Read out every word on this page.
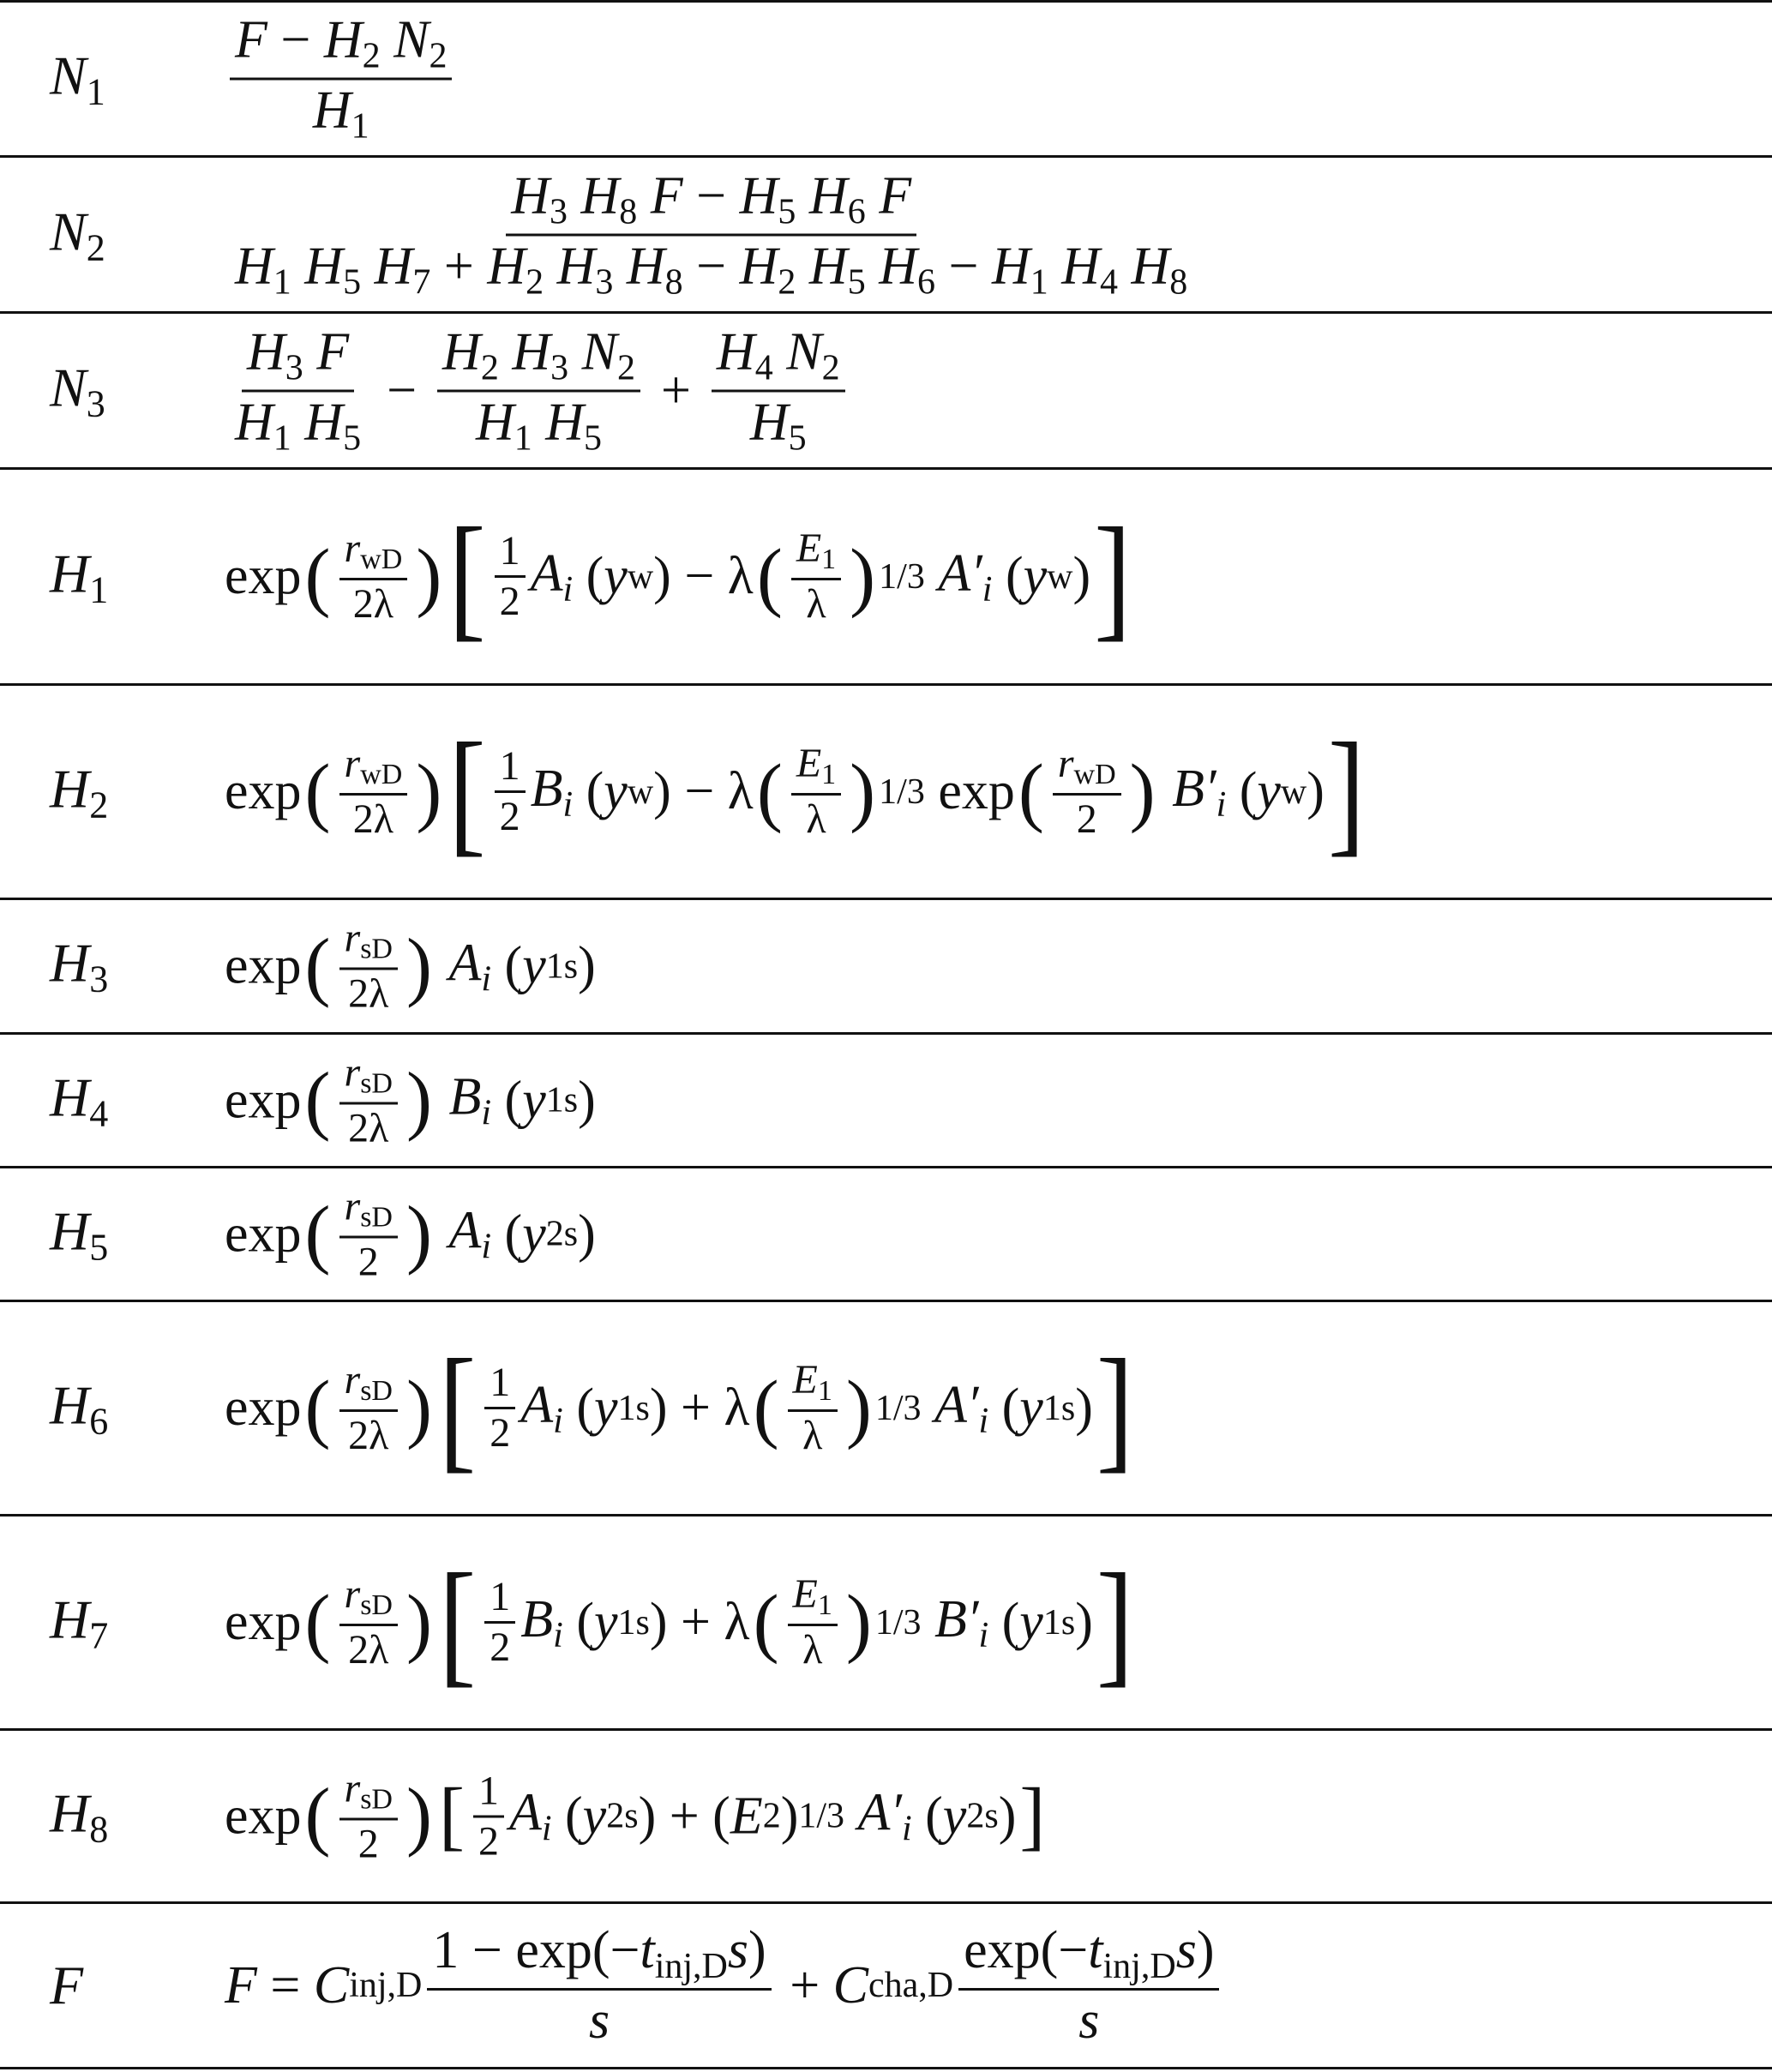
$N_1 \frac{F - H_2 N_2}{H_1}$
$N_2 \frac{H_3 H_8 F - H_5 H_6 F}{H_1 H_5 H_7 + H_2 H_3 H_8 - H_2 H_5 H_6 - H_1 H_4 H_8}$
$N_3 \frac{H_3 F}{H_1 H_5} - \frac{H_2 H_3 N_2}{H_1 H_5} + \frac{H_4 N_2}{H_5}$
$H_1$ exp ( $\frac{r_{wD}}{2\lambda}$ ) [ $\frac{1}{2} A_i$ ( y w ) − λ ( $\frac{E_1}{\lambda}$ ) 1/3
$A'_i$ ( y w ) ]
$H_2$ exp ( $\frac{r_{wD}}{2\lambda}$ ) [ $\frac{1}{2} B_i$ ( y w ) − λ ( $\frac{E_1}{\lambda}$ ) 1/3 exp ( $\frac{r_{wD}}{2}$ )
$B'_i$ ( y w ) ]
$H_3$ exp ( $\frac{r_{sD}}{2\lambda}$ )
$A_i$ ( y 1s )
$H_4$ exp ( $\frac{r_{sD}}{2\lambda}$ )
$B_i$ ( y 1s )
$H_5$ exp ( $\frac{r_{sD}}{2}$ )
$A_i$ ( y 2s )
$H_6$ exp ( $\frac{r_{sD}}{2\lambda}$ ) [ $\frac{1}{2} A_i$ ( y 1s ) + λ ( $\frac{E_1}{\lambda}$ ) 1/3
$A'_i$ ( y 1s ) ]
$H_7$ exp ( $\frac{r_{sD}}{2\lambda}$ ) [ $\frac{1}{2} B_i$ ( y 1s ) + λ ( $\frac{E_1}{\lambda}$ ) 1/3
$B'_i$ ( y 1s ) ]
$H_8$ exp ( $\frac{r_{sD}}{2}$ ) [ $\frac{1}{2} A_i$ ( y 2s ) + ( E 2 ) 1/3
$A'_i$ ( y 2s ) ]
F	F = C $inj,D \frac{1 - \exp(-t_{inj,D}s)}{s} + C$ $cha,D \frac{\exp(-t_{inj,D}s)}{s}$
